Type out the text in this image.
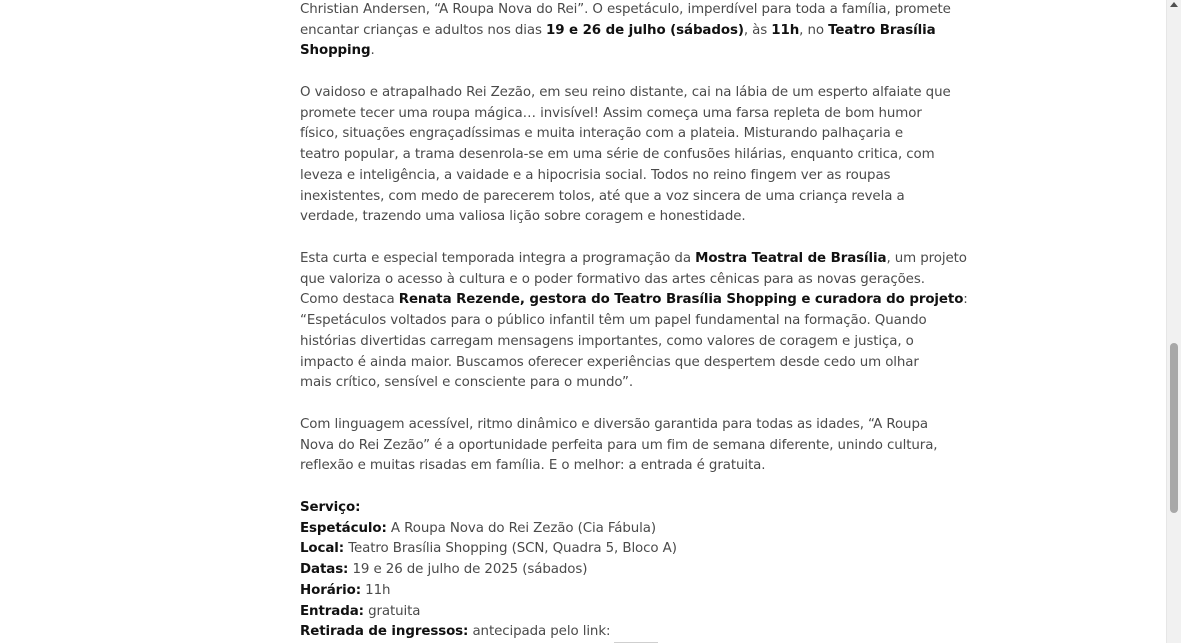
Christian Andersen, “A Roupa Nova do Rei”. O espetáculo, imperdível para toda a família, promete
encantar crianças e adultos nos dias 19 e 26 de julho (sábados), às 11h, no Teatro Brasília
Shopping.

O vaidoso e atrapalhado Rei Zezão, em seu reino distante, cai na lábia de um esperto alfaiate que
promete tecer uma roupa mágica… invisível! Assim começa uma farsa repleta de bom humor
físico, situações engraçadíssimas e muita interação com a plateia. Misturando palhaçaria e
teatro popular, a trama desenrola-se em uma série de confusões hilárias, enquanto critica, com
leveza e inteligência, a vaidade e a hipocrisia social. Todos no reino fingem ver as roupas
inexistentes, com medo de parecerem tolos, até que a voz sincera de uma criança revela a
verdade, trazendo uma valiosa lição sobre coragem e honestidade.

Esta curta e especial temporada integra a programação da Mostra Teatral de Brasília, um projeto
que valoriza o acesso à cultura e o poder formativo das artes cênicas para as novas gerações.
Como destaca Renata Rezende, gestora do Teatro Brasília Shopping e curadora do projeto:
“Espetáculos voltados para o público infantil têm um papel fundamental na formação. Quando
histórias divertidas carregam mensagens importantes, como valores de coragem e justiça, o
impacto é ainda maior. Buscamos oferecer experiências que despertem desde cedo um olhar
mais crítico, sensível e consciente para o mundo”.

Com linguagem acessível, ritmo dinâmico e diversão garantida para todas as idades, “A Roupa
Nova do Rei Zezão” é a oportunidade perfeita para um fim de semana diferente, unindo cultura,
reflexão e muitas risadas em família. E o melhor: a entrada é gratuita.

Serviço:
Espetáculo: A Roupa Nova do Rei Zezão (Cia Fábula)
Local: Teatro Brasília Shopping (SCN, Quadra 5, Bloco A)
Datas: 19 e 26 de julho de 2025 (sábados)
Horário: 11h
Entrada: gratuita
Retirada de ingressos: antecipada pelo link:
